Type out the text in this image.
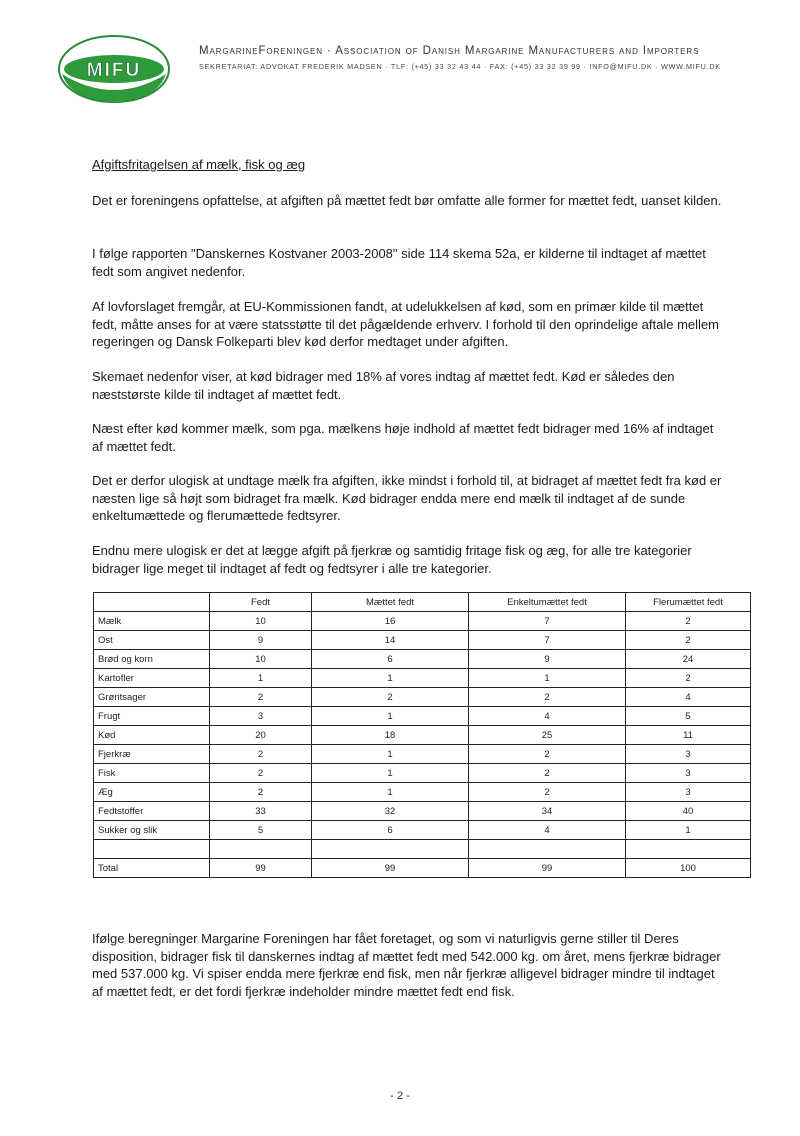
MIFU
MargarineForeningen · Association of Danish Margarine Manufacturers and Importers
SEKRETARIAT: ADVOKAT FREDERIK MADSEN · TLF: (+45) 33 32 43 44 · FAX: (+45) 33 32 39 99 · INFO@MIFU.DK · WWW.MIFU.DK
Afgiftsfritagelsen af mælk, fisk og æg
Det er foreningens opfattelse, at afgiften på mættet fedt bør omfatte alle former for mættet fedt, uanset kilden.
I følge rapporten "Danskernes Kostvaner 2003-2008" side 114 skema 52a, er kilderne til indtaget af mættet fedt som angivet nedenfor.
Af lovforslaget fremgår, at EU-Kommissionen fandt, at udelukkelsen af kød, som en primær kilde til mættet fedt, måtte anses for at være statsstøtte til det pågældende erhverv. I forhold til den oprindelige aftale mellem regeringen og Dansk Folkeparti blev kød derfor medtaget under afgiften.
Skemaet nedenfor viser, at kød bidrager med 18% af vores indtag af mættet fedt. Kød er således den næststørste kilde til indtaget af mættet fedt.
Næst efter kød kommer mælk, som pga. mælkens høje indhold af mættet fedt bidrager med 16% af indtaget af mættet fedt.
Det er derfor ulogisk at undtage mælk fra afgiften, ikke mindst i forhold til, at bidraget af mættet fedt fra kød er næsten lige så højt som bidraget fra mælk. Kød bidrager endda mere end mælk til indtaget af de sunde enkeltumættede og flerumættede fedtsyrer.
Endnu mere ulogisk er det at lægge afgift på fjerkræ og samtidig fritage fisk og æg, for alle tre kategorier bidrager lige meget til indtaget af fedt og fedtsyrer i alle tre kategorier.
	Fedt	Mættet fedt	Enkeltumættet fedt	Flerumættet fedt
Mælk	10	16	7	2
Ost	9	14	7	2
Brød og korn	10	6	9	24
Kartofler	1	1	1	2
Grøntsager	2	2	2	4
Frugt	3	1	4	5
Kød	20	18	25	11
Fjerkræ	2	1	2	3
Fisk	2	1	2	3
Æg	2	1	2	3
Fedtstoffer	33	32	34	40
Sukker og slik	5	6	4	1

Total	99	99	99	100
Ifølge beregninger Margarine Foreningen har fået foretaget, og som vi naturligvis gerne stiller til Deres disposition, bidrager fisk til danskernes indtag af mættet fedt med 542.000 kg. om året, mens fjerkræ bidrager med 537.000 kg. Vi spiser endda mere fjerkræ end fisk, men når fjerkræ alligevel bidrager mindre til indtaget af mættet fedt, er det fordi fjerkræ indeholder mindre mættet fedt end fisk.
- 2 -
